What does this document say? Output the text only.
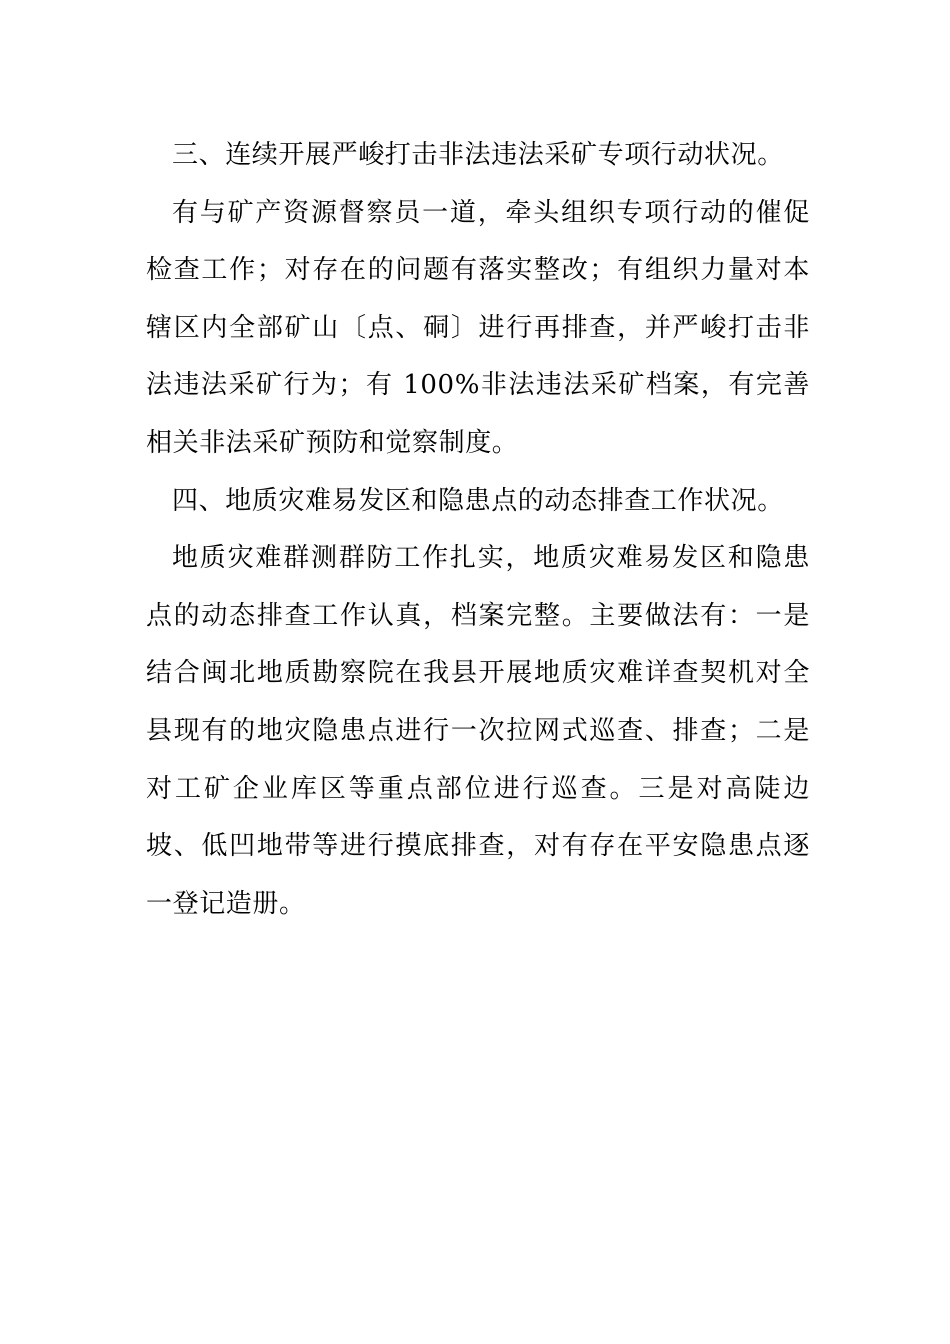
三、连续开展严峻打击非法违法采矿专项行动状况。

有与矿产资源督察员一道，牵头组织专项行动的催促检查工作；对存在的问题有落实整改；有组织力量对本辖区内全部矿山〔点、硐〕进行再排查，并严峻打击非法违法采矿行为；有 100%非法违法采矿档案，有完善相关非法采矿预防和觉察制度。

四、地质灾难易发区和隐患点的动态排查工作状况。

地质灾难群测群防工作扎实，地质灾难易发区和隐患点的动态排查工作认真，档案完整。主要做法有：一是结合闽北地质勘察院在我县开展地质灾难详查契机对全县现有的地灾隐患点进行一次拉网式巡查、排查；二是对工矿企业库区等重点部位进行巡查。三是对高陡边坡、低凹地带等进行摸底排查，对有存在平安隐患点逐一登记造册。
